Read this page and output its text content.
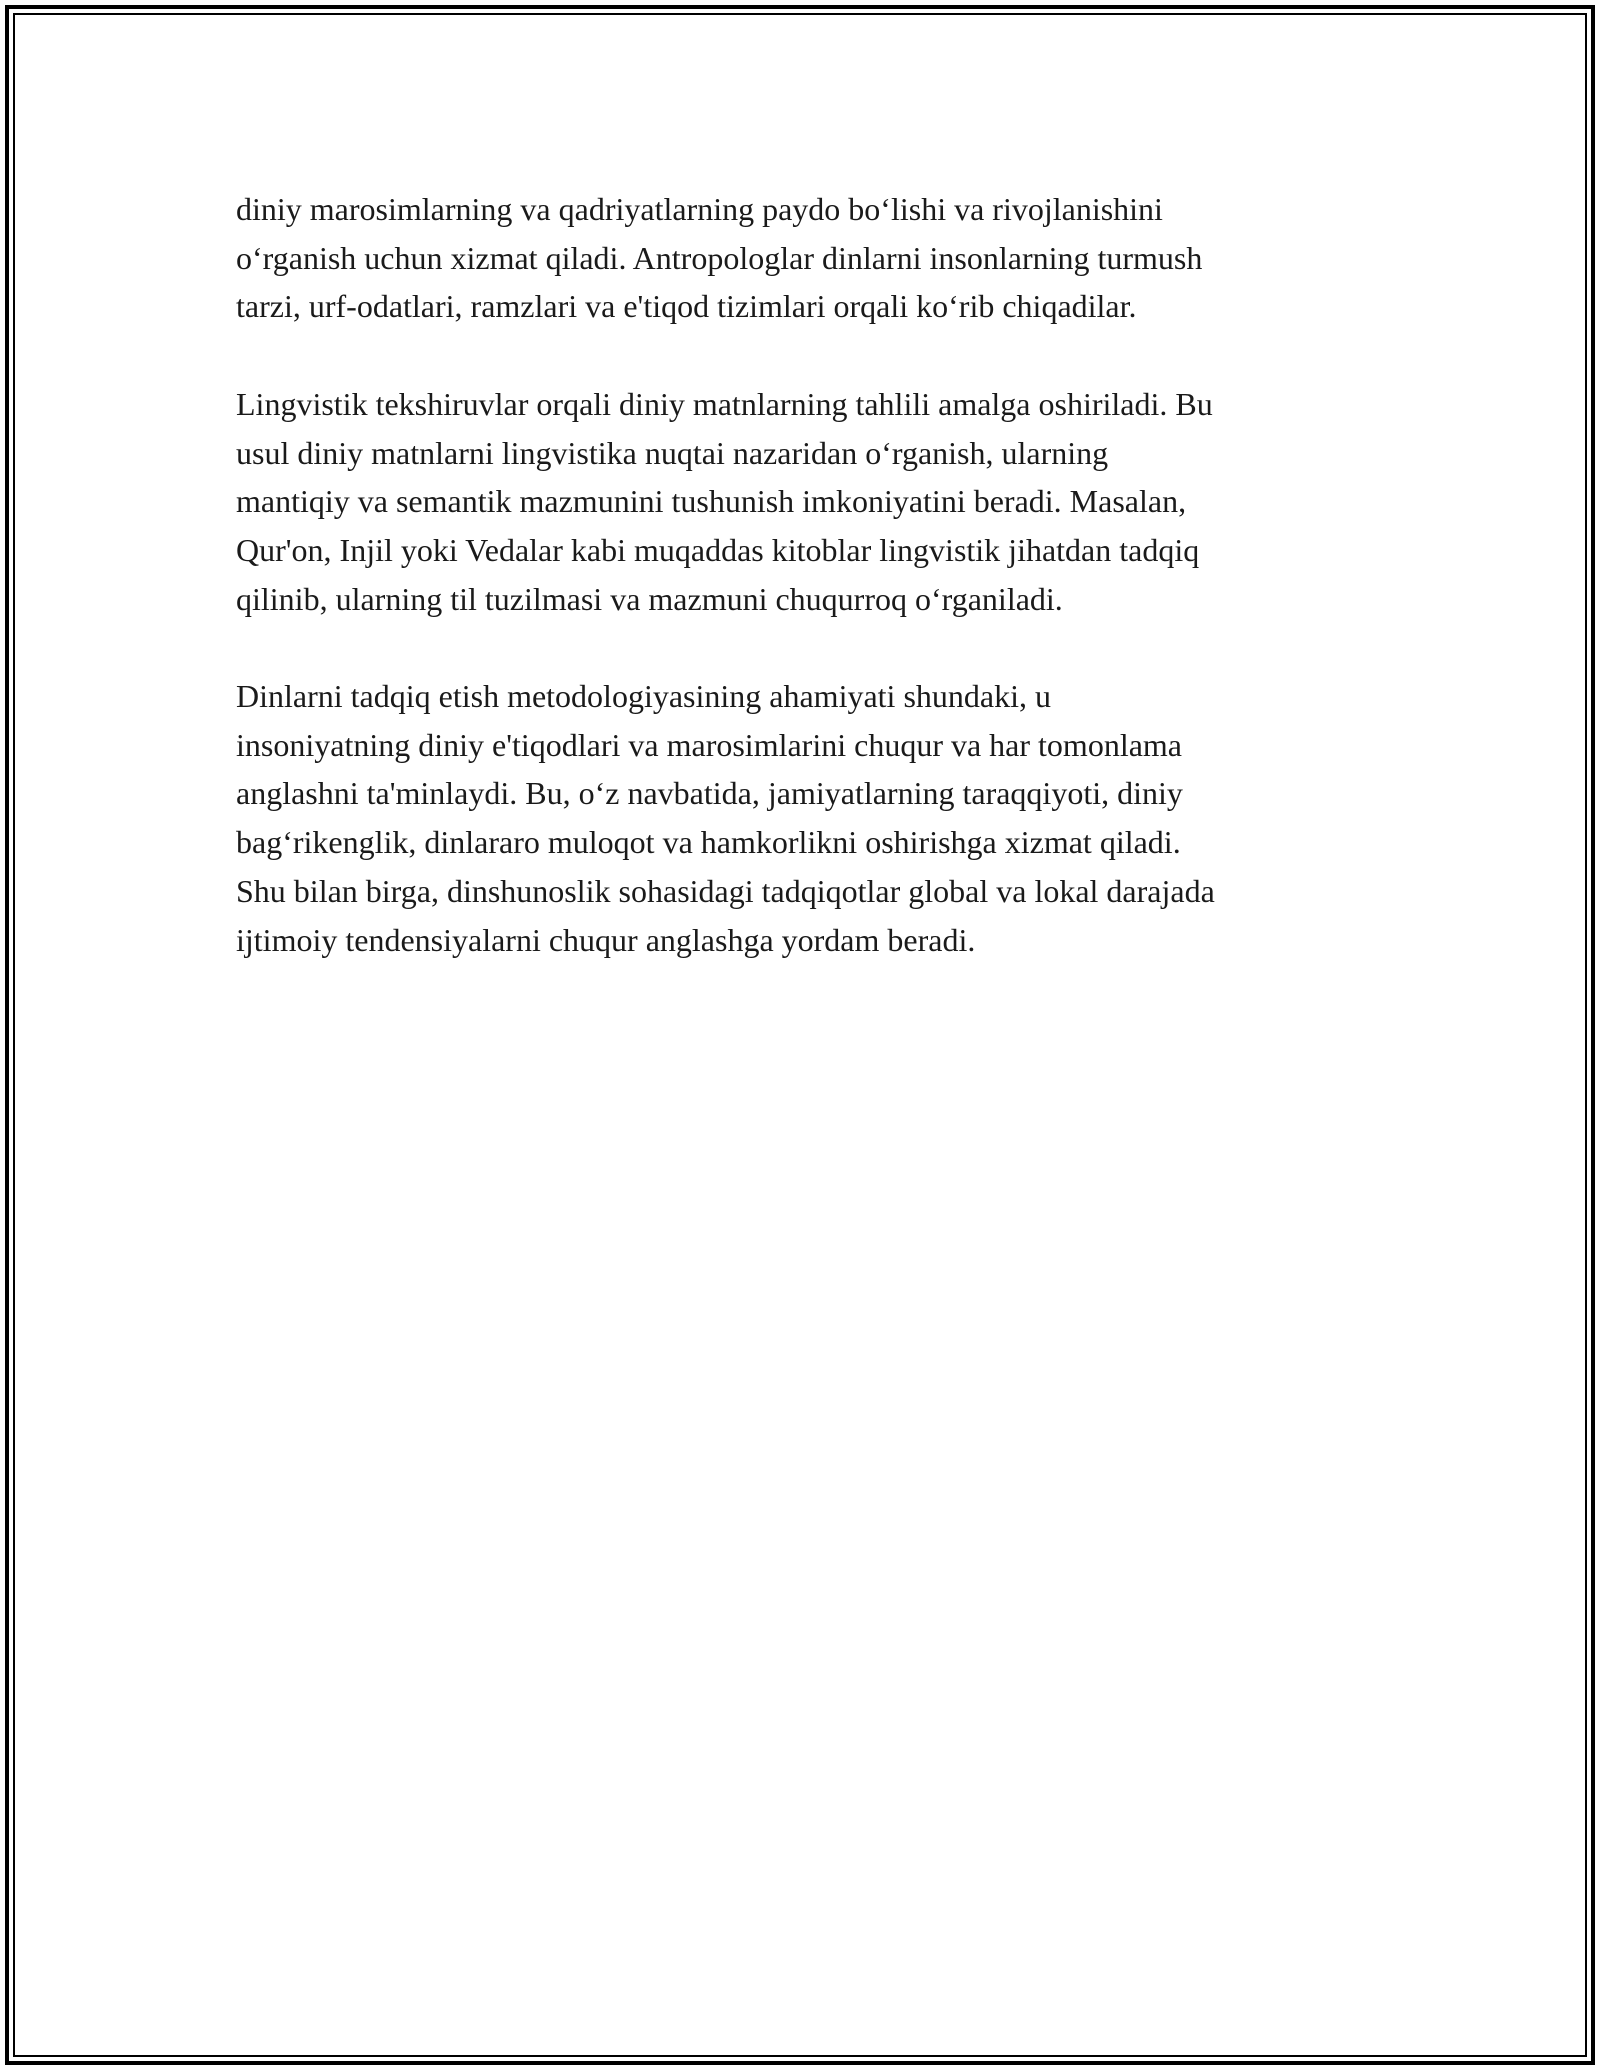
diniy marosimlarning va qadriyatlarning paydo bo‘lishi va rivojlanishini
o‘rganish uchun xizmat qiladi. Antropologlar dinlarni insonlarning turmush
tarzi, urf-odatlari, ramzlari va e'tiqod tizimlari orqali ko‘rib chiqadilar.

Lingvistik tekshiruvlar orqali diniy matnlarning tahlili amalga oshiriladi. Bu
usul diniy matnlarni lingvistika nuqtai nazaridan o‘rganish, ularning
mantiqiy va semantik mazmunini tushunish imkoniyatini beradi. Masalan,
Qur'on, Injil yoki Vedalar kabi muqaddas kitoblar lingvistik jihatdan tadqiq
qilinib, ularning til tuzilmasi va mazmuni chuqurroq o‘rganiladi.

Dinlarni tadqiq etish metodologiyasining ahamiyati shundaki, u
insoniyatning diniy e'tiqodlari va marosimlarini chuqur va har tomonlama
anglashni ta'minlaydi. Bu, o‘z navbatida, jamiyatlarning taraqqiyoti, diniy
bag‘rikenglik, dinlararo muloqot va hamkorlikni oshirishga xizmat qiladi.
Shu bilan birga, dinshunoslik sohasidagi tadqiqotlar global va lokal darajada
ijtimoiy tendensiyalarni chuqur anglashga yordam beradi.
